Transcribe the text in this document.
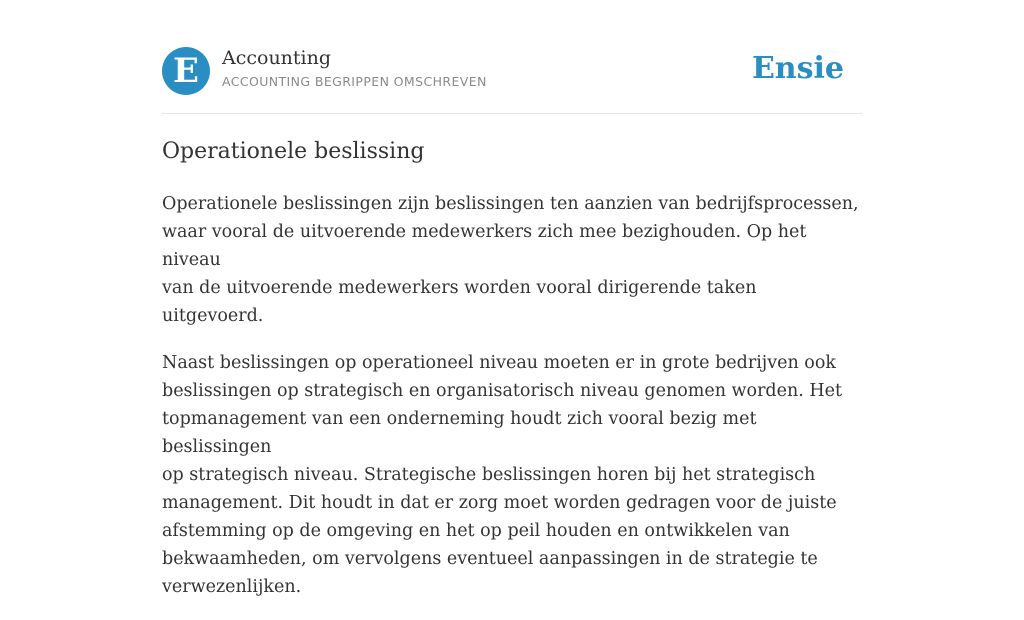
E	Accounting
ACCOUNTING BEGRIPPEN OMSCHREVEN	Ensie
Operationele beslissing

Operationele beslissingen zijn beslissingen ten aanzien van bedrijfsprocessen,
waar vooral de uitvoerende medewerkers zich mee bezighouden. Op het niveau
van de uitvoerende medewerkers worden vooral dirigerende taken uitgevoerd.

Naast beslissingen op operationeel niveau moeten er in grote bedrijven ook
beslissingen op strategisch en organisatorisch niveau genomen worden. Het
topmanagement van een onderneming houdt zich vooral bezig met beslissingen
op strategisch niveau. Strategische beslissingen horen bij het strategisch
management. Dit houdt in dat er zorg moet worden gedragen voor de juiste
afstemming op de omgeving en het op peil houden en ontwikkelen van
bekwaamheden, om vervolgens eventueel aanpassingen in de strategie te
verwezenlijken.
